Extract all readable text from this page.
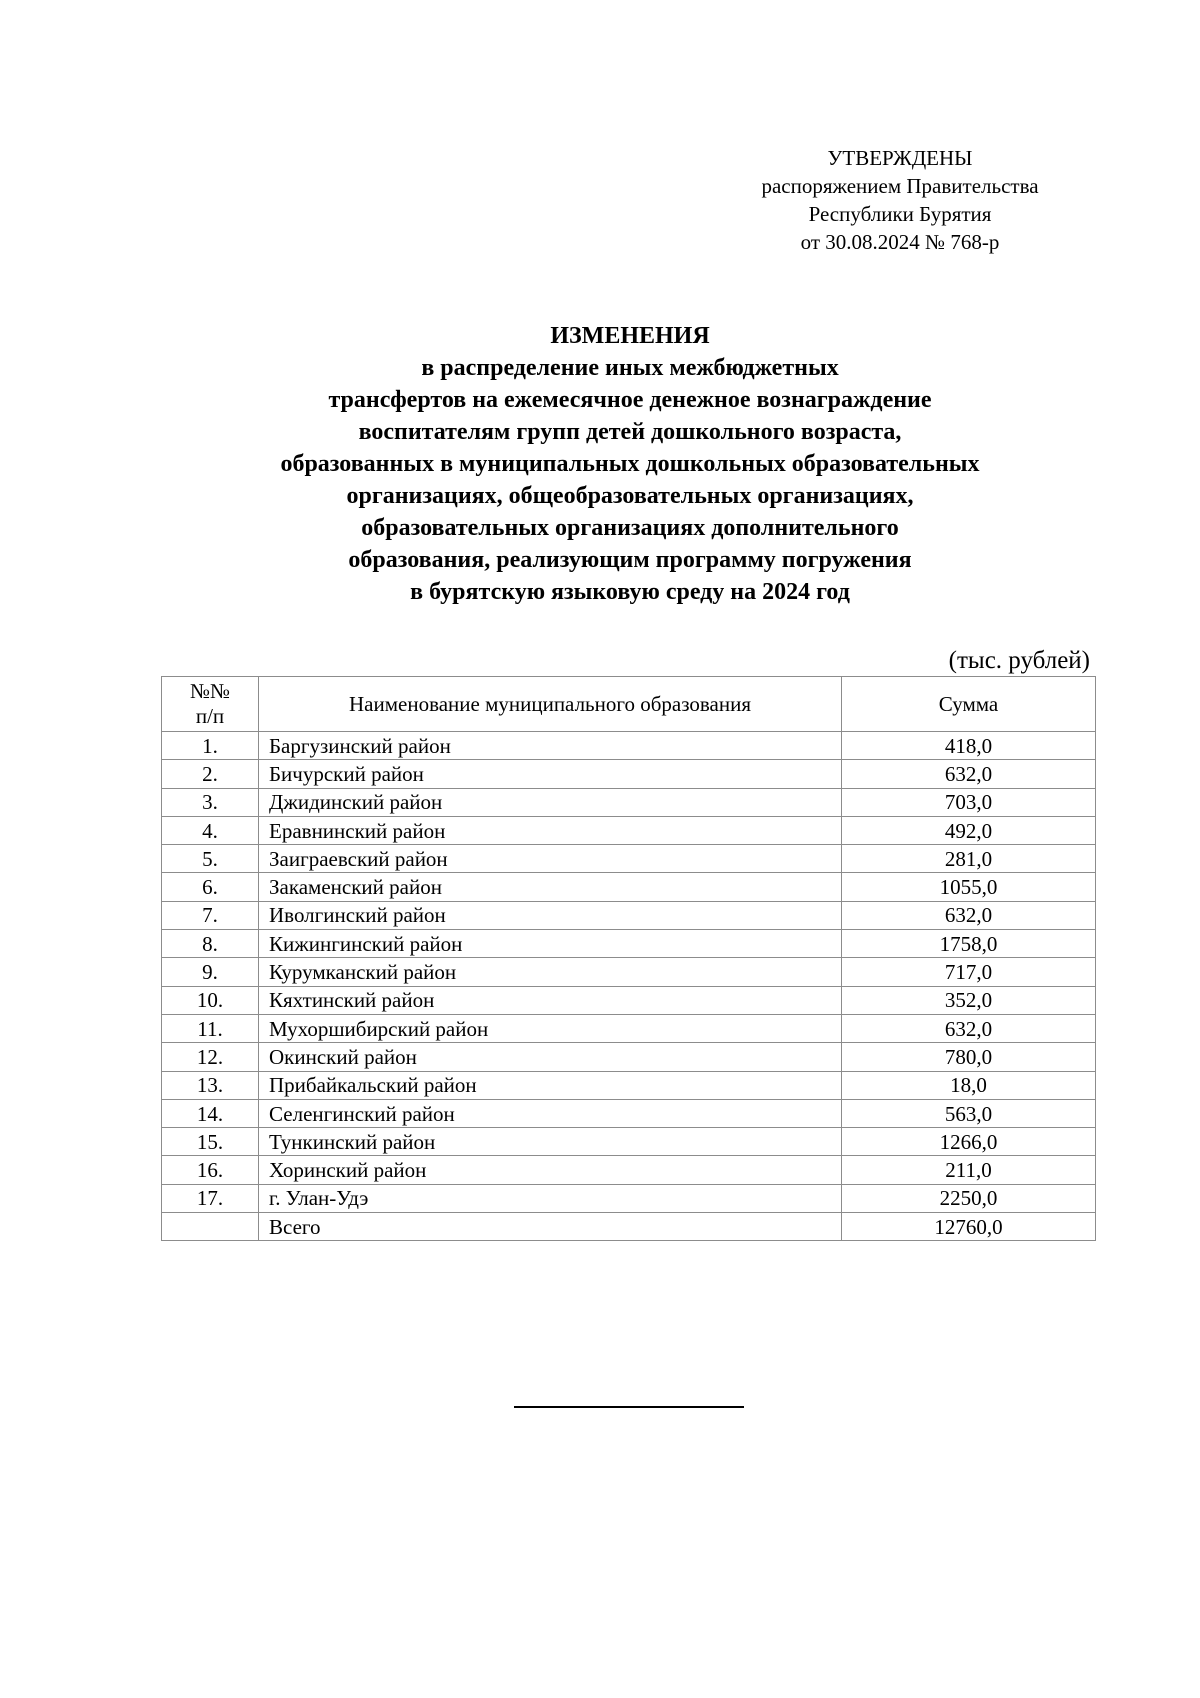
УТВЕРЖДЕНЫ
распоряжением Правительства
Республики Бурятия
от 30.08.2024 № 768-р
ИЗМЕНЕНИЯ
в распределение иных межбюджетных
трансфертов на ежемесячное денежное вознаграждение
воспитателям групп детей дошкольного возраста,
образованных в муниципальных дошкольных образовательных
организациях, общеобразовательных организациях,
образовательных организациях дополнительного
образования, реализующим программу погружения
в бурятскую языковую среду на 2024 год
(тыс. рублей)
№№
п/п	Наименование муниципального образования	Сумма
1.	Баргузинский район	418,0
2.	Бичурский район	632,0
3.	Джидинский район	703,0
4.	Еравнинский район	492,0
5.	Заиграевский район	281,0
6.	Закаменский район	1055,0
7.	Иволгинский район	632,0
8.	Кижингинский район	1758,0
9.	Курумканский район	717,0
10.	Кяхтинский район	352,0
11.	Мухоршибирский район	632,0
12.	Окинский район	780,0
13.	Прибайкальский район	18,0
14.	Селенгинский район	563,0
15.	Тункинский район	1266,0
16.	Хоринский район	211,0
17.	г. Улан-Удэ	2250,0
	Всего	12760,0
